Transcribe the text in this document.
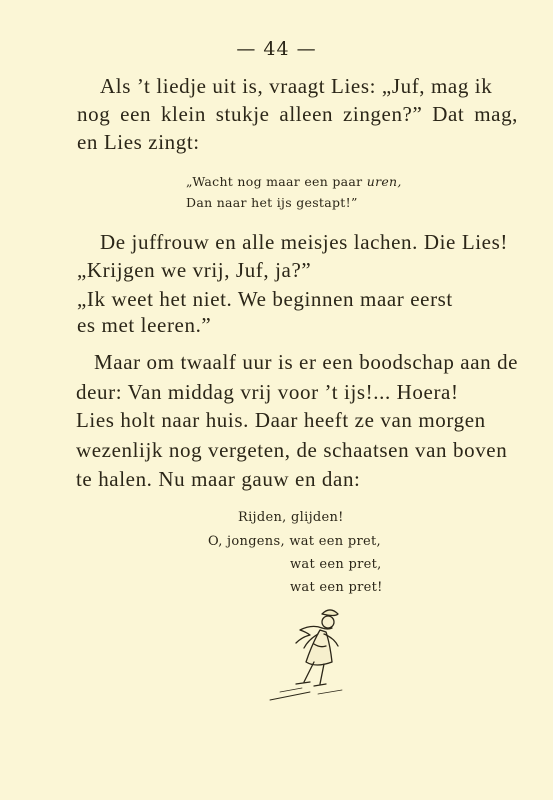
— 44 —
Als ’t liedje uit is, vraagt Lies: „Juf, mag ik
nog een klein stukje alleen zingen?” Dat mag,
en Lies zingt:
„Wacht nog maar een paar uren,
Dan naar het ijs gestapt!”
De juffrouw en alle meisjes lachen. Die Lies!
„Krijgen we vrij, Juf, ja?”
„Ik weet het niet. We beginnen maar eerst
es met leeren.”
Maar om twaalf uur is er een boodschap aan de
deur: Van middag vrij voor ’t ijs!... Hoera!
Lies holt naar huis. Daar heeft ze van morgen
wezenlijk nog vergeten, de schaatsen van boven
te halen. Nu maar gauw en dan:
Rijden, glijden!
O, jongens, wat een pret,
wat een pret,
wat een pret!
